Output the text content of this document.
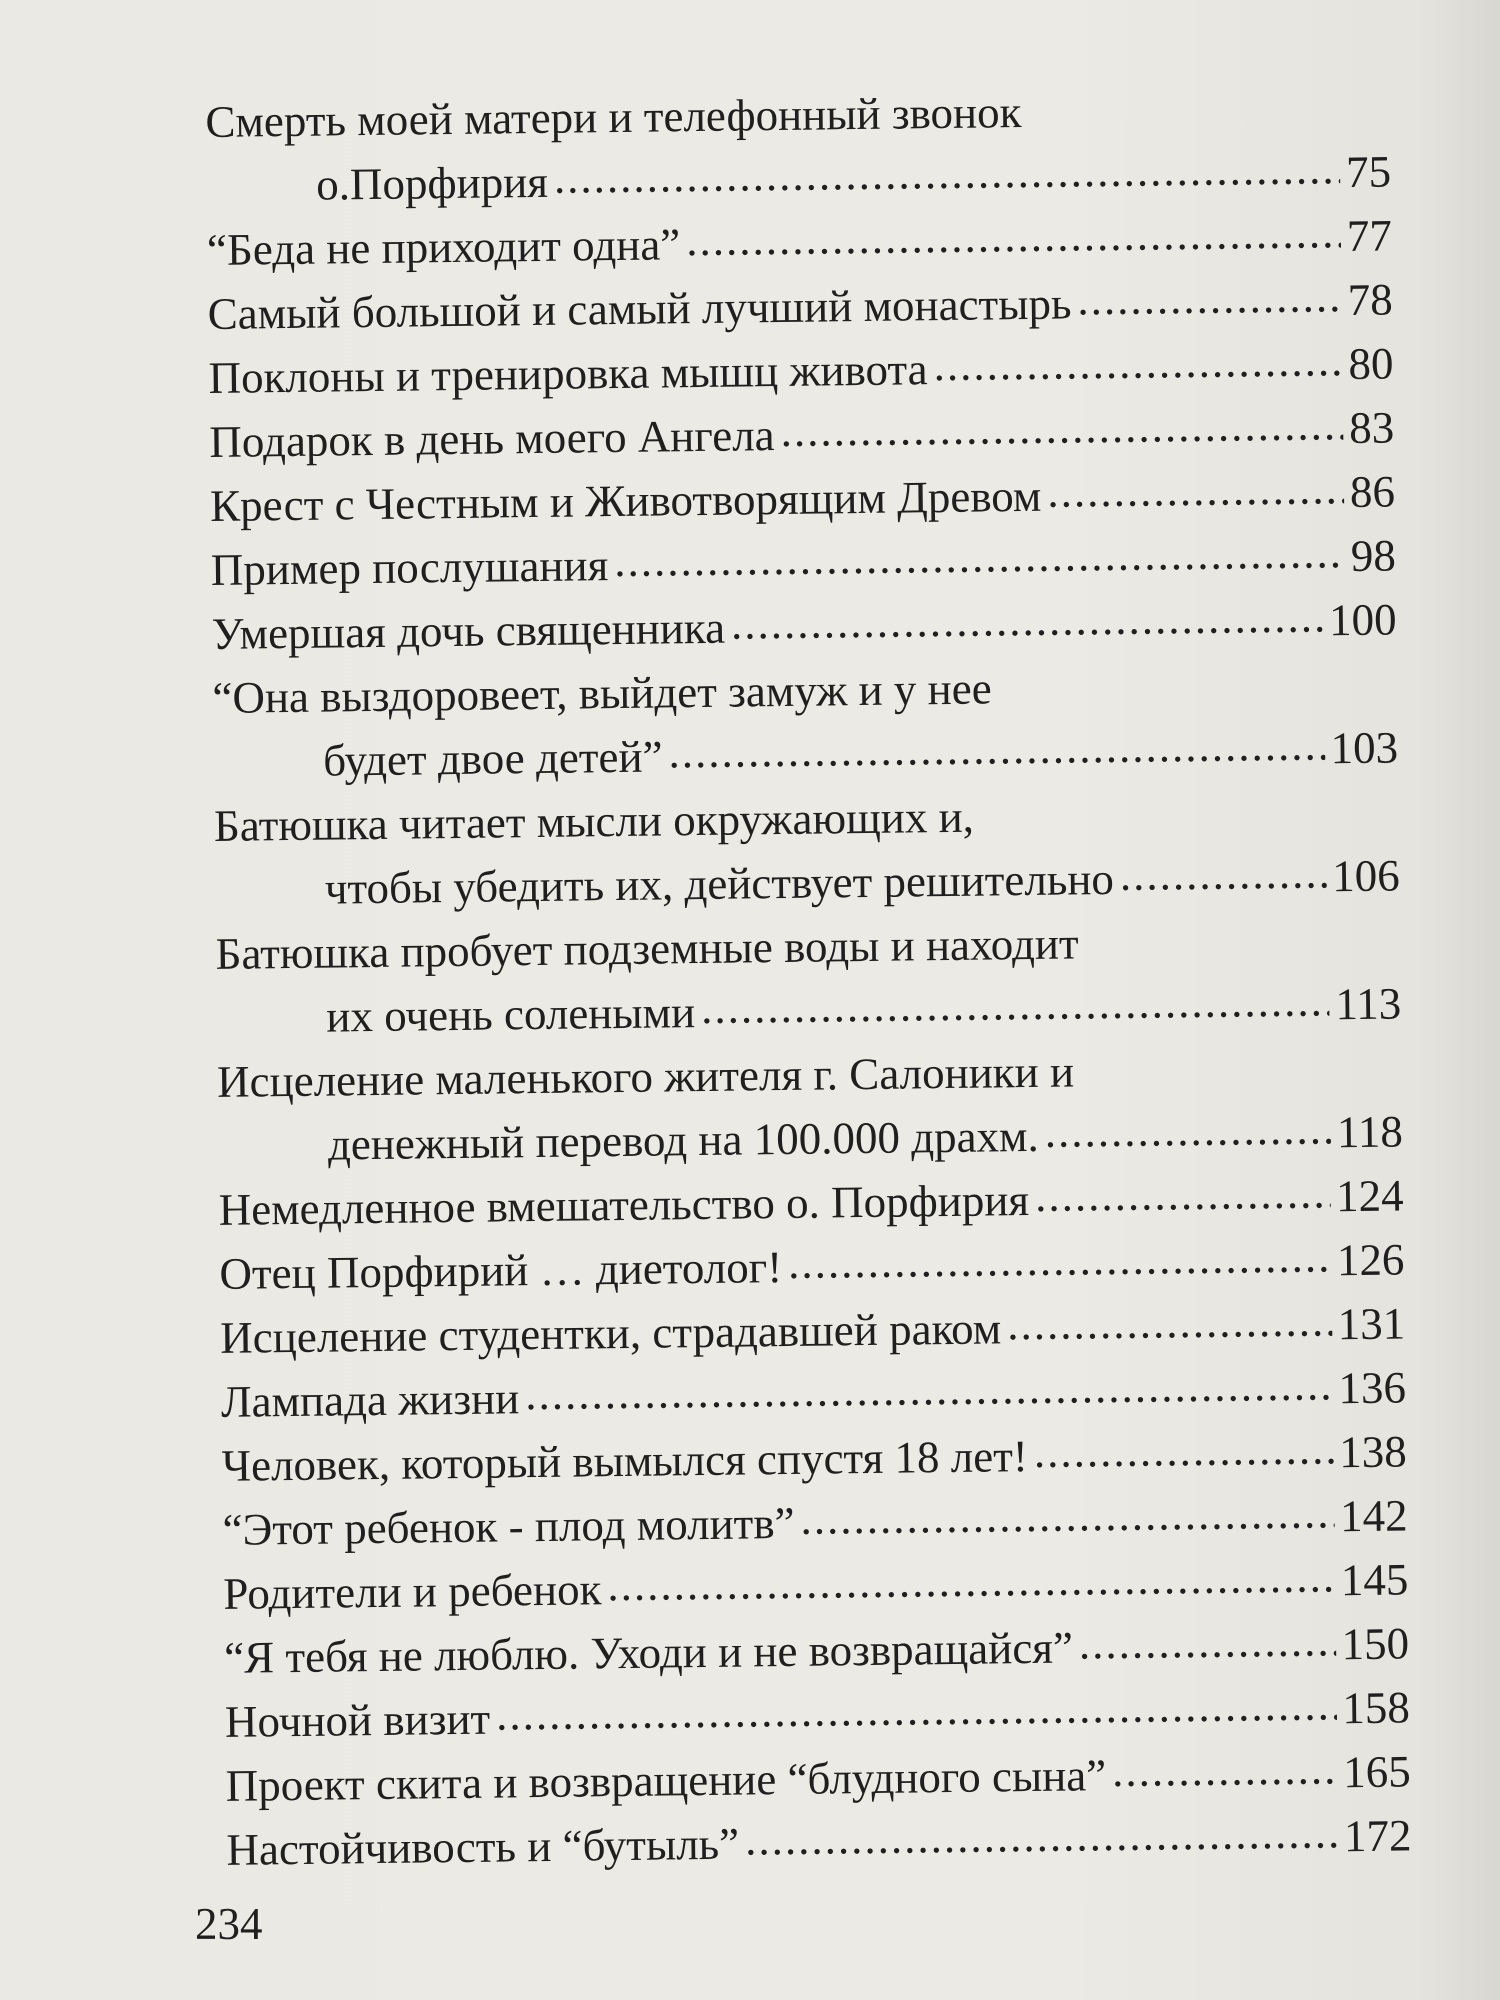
Смерть моей матери и телефонный звонок
о.Порфирия .....	75
“Беда не приходит одна” .....	77
Самый большой и самый лучший монастырь .....	78
Поклоны и тренировка мышц живота .....	80
Подарок в день моего Ангела .....	83
Крест с Честным и Животворящим Древом .....	86
Пример послушания .....	98
Умершая дочь священника .....	100
“Она выздоровеет, выйдет замуж и у нее
будет двое детей” .....	103
Батюшка читает мысли окружающих и,
чтобы убедить их, действует решительно .....	106
Батюшка пробует подземные воды и находит
их очень солеными .....	113
Исцеление маленького жителя г. Салоники и
денежный перевод на 100.000 драхм. .....	118
Немедленное вмешательство о. Порфирия .....	124
Отец Порфирий … диетолог! .....	126
Исцеление студентки, страдавшей раком .....	131
Лампада жизни .....	136
Человек, который вымылся спустя 18 лет! .....	138
“Этот ребенок - плод молитв” .....	142
Родители и ребенок .....	145
“Я тебя не люблю. Уходи и не возвращайся” .....	150
Ночной визит .....	158
Проект скита и возвращение “блудного сына” .....	165
Настойчивость и “бутыль” .....	172
234
